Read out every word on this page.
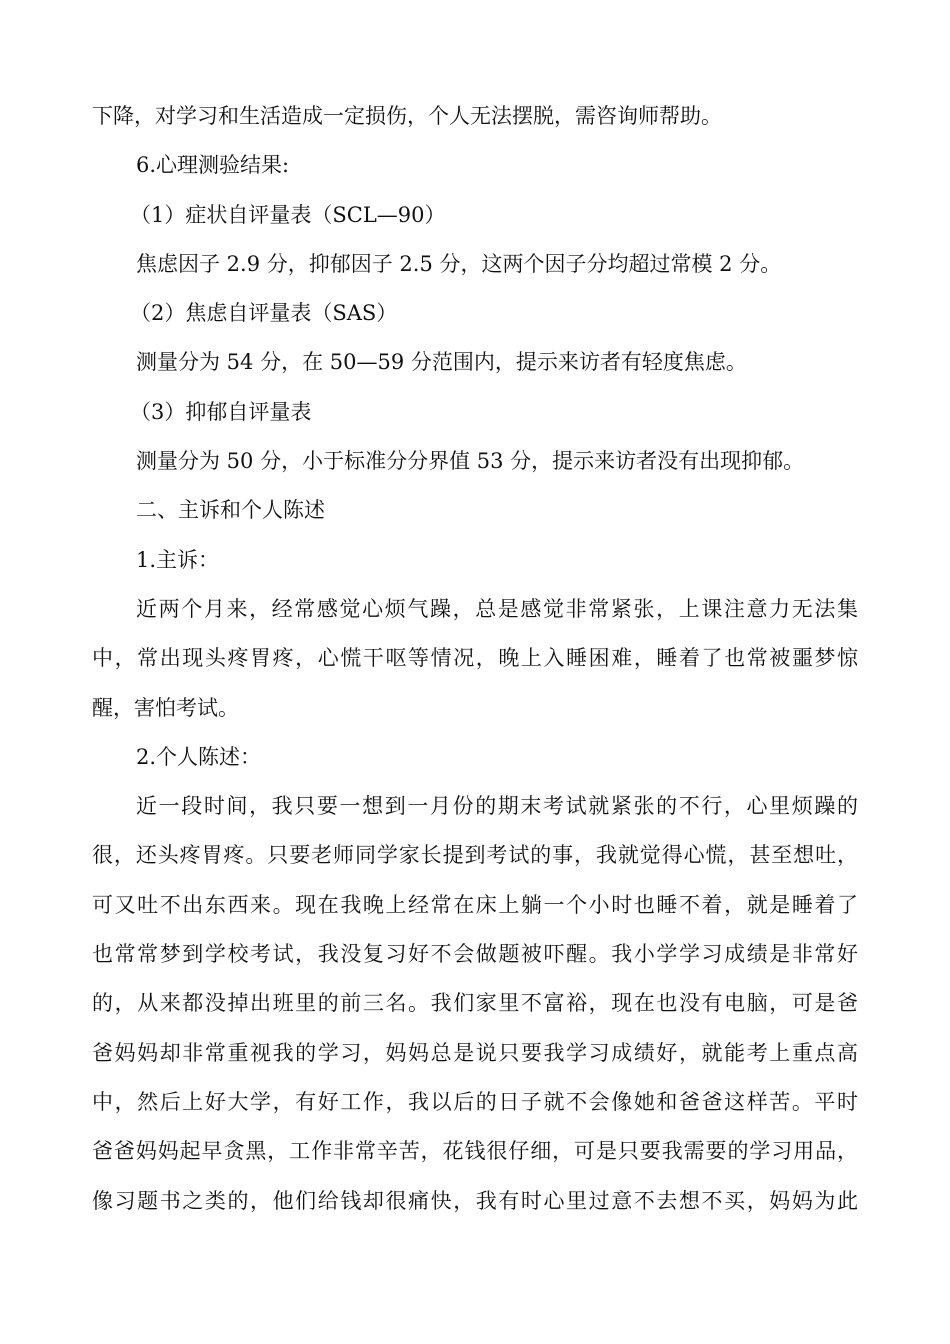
下降，对学习和生活造成一定损伤，个人无法摆脱，需咨询师帮助。
6.心理测验结果:
（1）症状自评量表（SCL—90）
焦虑因子 2.9 分，抑郁因子 2.5 分，这两个因子分均超过常模 2 分。
（2）焦虑自评量表（SAS）
测量分为 54 分，在 50—59 分范围内，提示来访者有轻度焦虑。
（3）抑郁自评量表
测量分为 50 分，小于标准分分界值 53 分，提示来访者没有出现抑郁。
二、主诉和个人陈述
1.主诉：
近两个月来，经常感觉心烦气躁，总是感觉非常紧张，上课注意力无法集
中，常出现头疼胃疼，心慌干呕等情况，晚上入睡困难，睡着了也常被噩梦惊
醒，害怕考试。
2.个人陈述：
近一段时间，我只要一想到一月份的期末考试就紧张的不行，心里烦躁的
很，还头疼胃疼。只要老师同学家长提到考试的事，我就觉得心慌，甚至想吐，
可又吐不出东西来。现在我晚上经常在床上躺一个小时也睡不着，就是睡着了
也常常梦到学校考试，我没复习好不会做题被吓醒。我小学学习成绩是非常好
的，从来都没掉出班里的前三名。我们家里不富裕，现在也没有电脑，可是爸
爸妈妈却非常重视我的学习，妈妈总是说只要我学习成绩好，就能考上重点高
中，然后上好大学，有好工作，我以后的日子就不会像她和爸爸这样苦。平时
爸爸妈妈起早贪黑，工作非常辛苦，花钱很仔细，可是只要我需要的学习用品，
像习题书之类的，他们给钱却很痛快，我有时心里过意不去想不买，妈妈为此
